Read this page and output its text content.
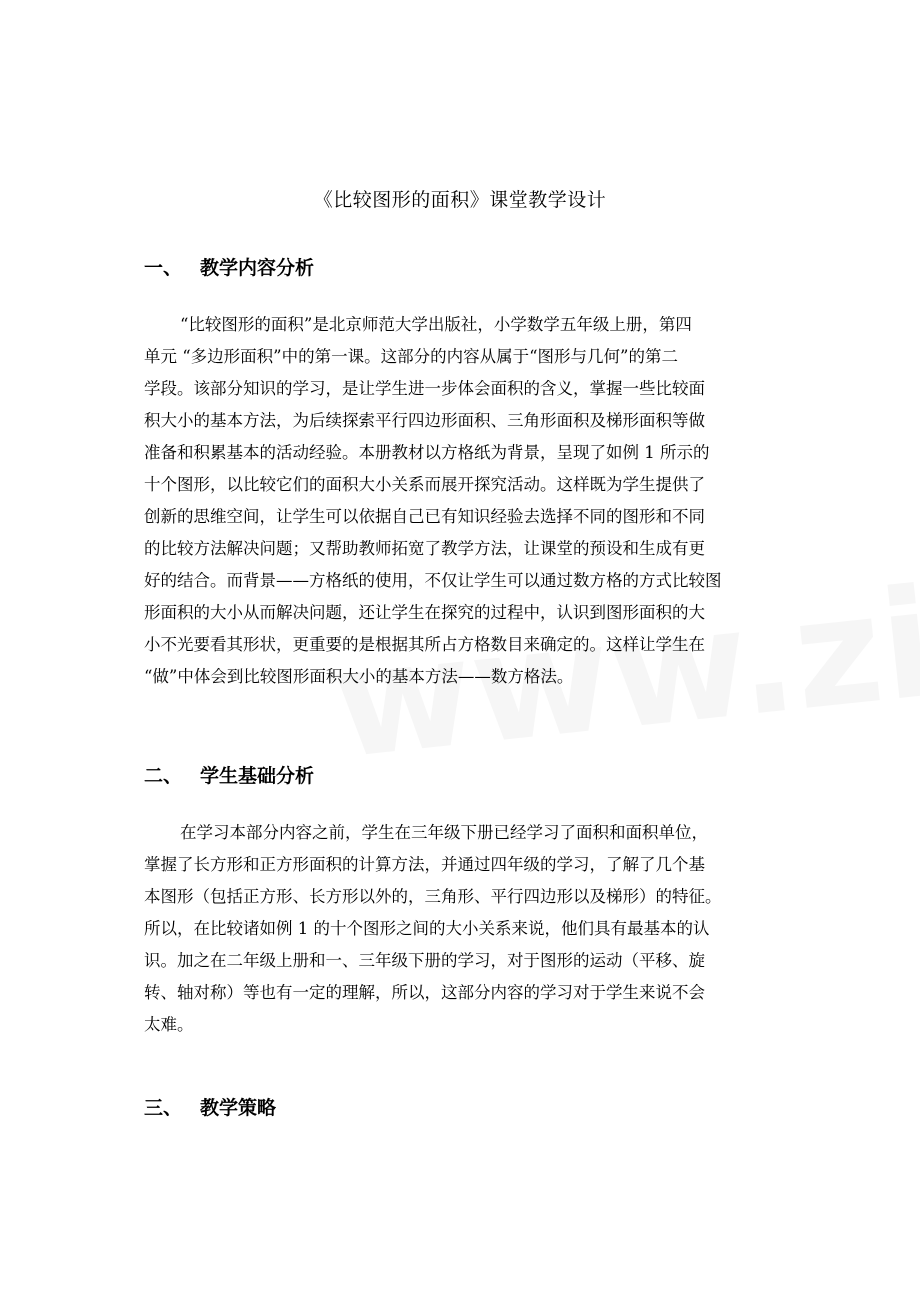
《比较图形的面积》课堂教学设计
一、 教学内容分析
“比较图形的面积”是北京师范大学出版社，小学数学五年级上册，第四
单元 “多边形面积”中的第一课。这部分的内容从属于“图形与几何”的第二
学段。该部分知识的学习，是让学生进一步体会面积的含义，掌握一些比较面
积大小的基本方法，为后续探索平行四边形面积、三角形面积及梯形面积等做
准备和积累基本的活动经验。本册教材以方格纸为背景，呈现了如例 1 所示的
十个图形，以比较它们的面积大小关系而展开探究活动。这样既为学生提供了
创新的思维空间，让学生可以依据自己已有知识经验去选择不同的图形和不同
的比较方法解决问题；又帮助教师拓宽了教学方法，让课堂的预设和生成有更
好的结合。而背景——方格纸的使用，不仅让学生可以通过数方格的方式比较图
形面积的大小从而解决问题，还让学生在探究的过程中，认识到图形面积的大
小不光要看其形状，更重要的是根据其所占方格数目来确定的。这样让学生在
“做”中体会到比较图形面积大小的基本方法——数方格法。
二、 学生基础分析
在学习本部分内容之前，学生在三年级下册已经学习了面积和面积单位，
掌握了长方形和正方形面积的计算方法，并通过四年级的学习，了解了几个基
本图形（包括正方形、长方形以外的，三角形、平行四边形以及梯形）的特征。
所以，在比较诸如例 1 的十个图形之间的大小关系来说，他们具有最基本的认
识。加之在二年级上册和一、三年级下册的学习，对于图形的运动（平移、旋
转、轴对称）等也有一定的理解，所以，这部分内容的学习对于学生来说不会
太难。
三、 教学策略
